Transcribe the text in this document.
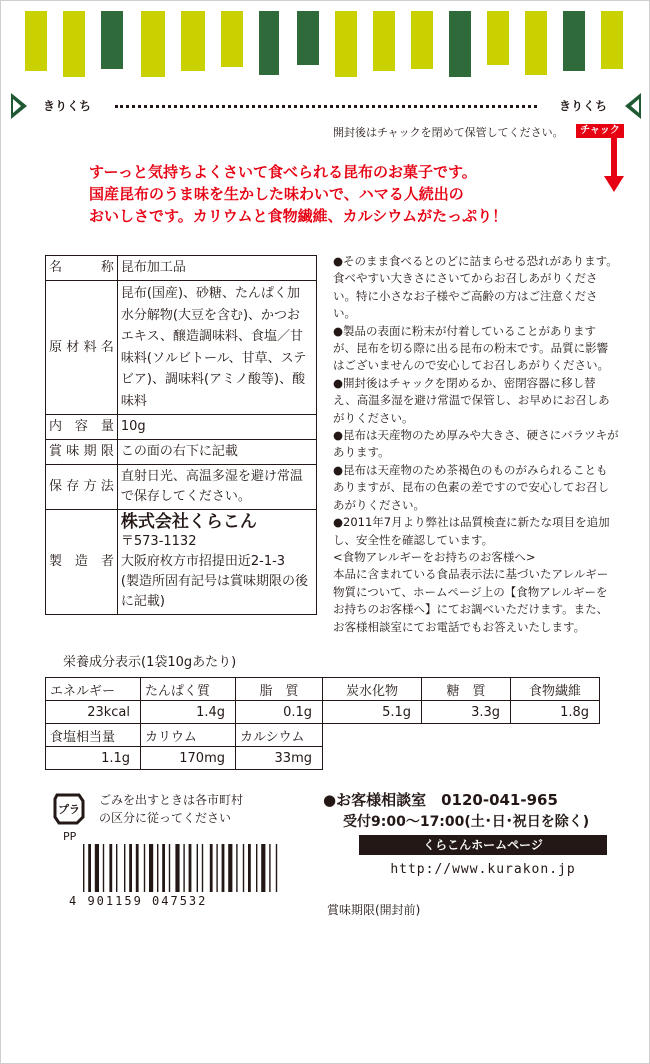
きりくち	きりくち
開封後はチャックを閉めて保管してください。	チャック
すーっと気持ちよくさいて食べられる昆布のお菓子です。
国産昆布のうま味を生かした味わいで、ハマる人続出の
おいしさです。カリウムと食物繊維、カルシウムがたっぷり！
名　称	昆布加工品
原材料名	昆布(国産)、砂糖、たんぱく加水分解物(大豆を含む)、かつおエキス、醸造調味料、食塩／甘味料(ソルビトール、甘草、ステビア)、調味料(アミノ酸等)、酸味料
内容量	10g
賞味期限	この面の右下に記載
保存方法	直射日光、高温多湿を避け常温で保存してください。
製造者	株式会社くらこん
〒573-1132
大阪府枚方市招提田近2-1-3
(製造所固有記号は賞味期限の後に記載)

●そのまま食べるとのどに詰まらせる恐れがあります。食べやすい大きさにさいてからお召しあがりください。特に小さなお子様やご高齢の方はご注意ください。

●製品の表面に粉末が付着していることがありますが、昆布を切る際に出る昆布の粉末です。品質に影響はございませんので安心してお召しあがりください。

●開封後はチャックを閉めるか、密閉容器に移し替え、高温多湿を避け常温で保管し、お早めにお召しあがりください。

●昆布は天産物のため厚みや大きさ、硬さにバラツキがあります。

●昆布は天産物のため茶褐色のものがみられることもありますが、昆布の色素の差ですので安心してお召しあがりください。

●2011年7月より弊社は品質検査に新たな項目を追加し、安全性を確認しています。

<食物アレルギーをお持ちのお客様へ>

本品に含まれている食品表示法に基づいたアレルギー物質について、ホームページ上の【食物アレルギーをお持ちのお客様へ】にてお調べいただけます。また、お客様相談室にてお電話でもお答えいたします。

栄養成分表示(1袋10gあたり)
エネルギー	たんぱく質	脂　質	炭水化物	糖　質	食物繊維
23kcal	1.4g	0.1g	5.1g	3.3g	1.8g
食塩相当量	カリウム	カルシウム			
1.1g	170mg	33mg			
プラ
PP
ごみを出すときは各市町村
の区分に従ってください
●お客様相談室　0120-041-965
受付9:00〜17:00(土･日･祝日を除く)
くらこんホームページ
http://www.kurakon.jp
賞味期限(開封前)
4 901159 047532
